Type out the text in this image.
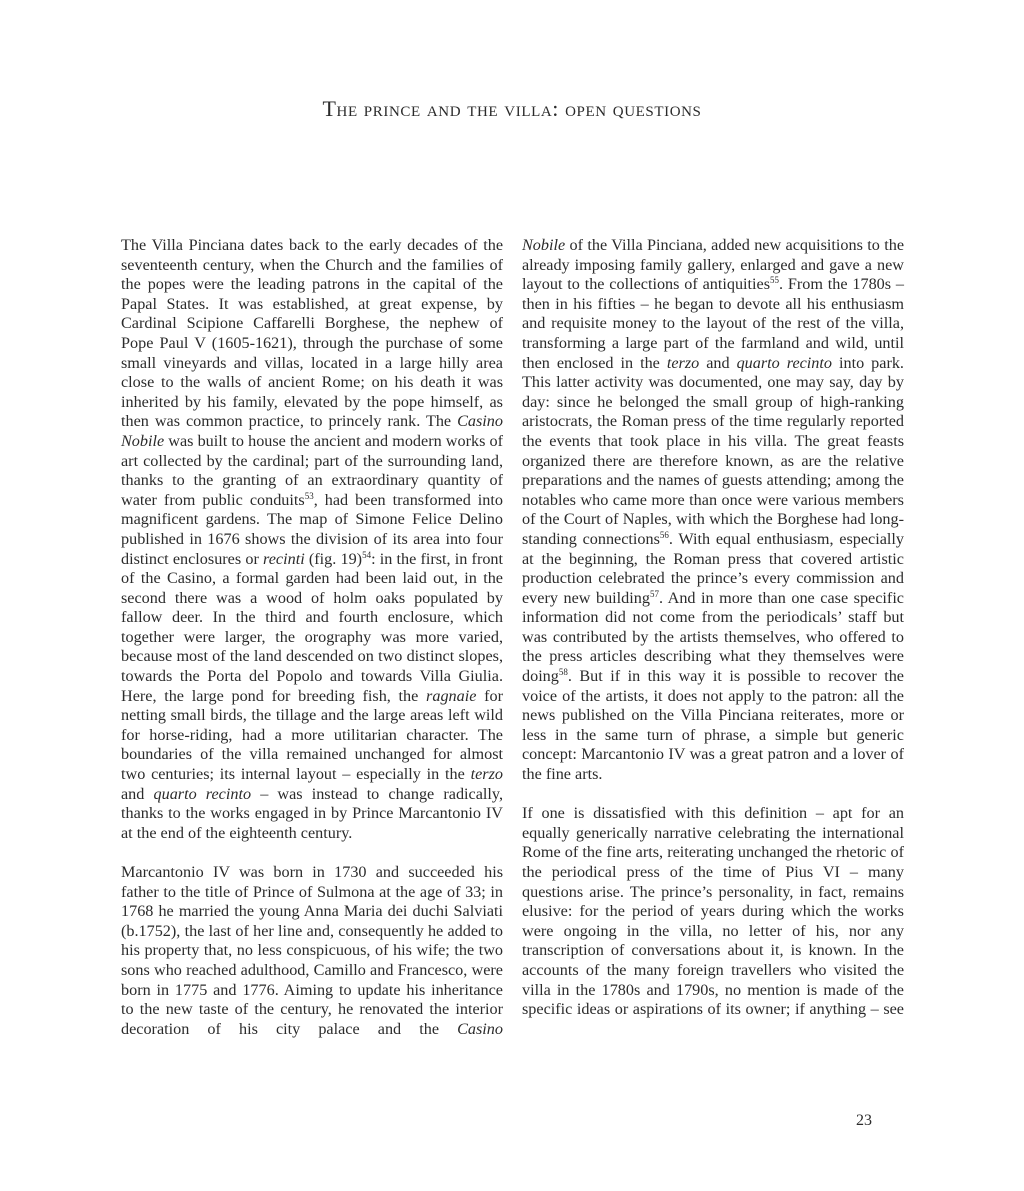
The prince and the villa: open questions

The Villa Pinciana dates back to the early decades of the seventeenth century, when the Church and the families of the popes were the leading patrons in the capital of the Papal States. It was established, at great expense, by Cardinal Scipione Caffarelli Borghese, the nephew of Pope Paul V (1605-1621), through the purchase of some small vineyards and villas, located in a large hilly area close to the walls of ancient Rome; on his death it was inherited by his family, elevated by the pope himself, as then was common practice, to princely rank. The Casino Nobile was built to house the ancient and modern works of art collected by the cardinal; part of the surrounding land, thanks to the granting of an extraordinary quantity of water from public conduits$^{53}$, had been transformed into magnificent gardens. The map of Simone Felice Delino published in 1676 shows the division of its area into four distinct enclosures or recinti (fig. 19)$^{54}$: in the first, in front of the Casino, a formal garden had been laid out, in the second there was a wood of holm oaks populated by fallow deer. In the third and fourth enclosure, which together were larger, the orography was more varied, because most of the land descended on two distinct slopes, towards the Porta del Popolo and towards Villa Giulia. Here, the large pond for breeding fish, the ragnaie for netting small birds, the tillage and the large areas left wild for horse-riding, had a more utilitarian character. The boundaries of the villa remained unchanged for almost two centuries; its internal layout – especially in the terzo and quarto recinto – was instead to change radically, thanks to the works engaged in by Prince Marcantonio IV at the end of the eighteenth century.

Marcantonio IV was born in 1730 and succeeded his father to the title of Prince of Sulmona at the age of 33; in 1768 he married the young Anna Maria dei duchi Salviati (b.1752), the last of her line and, consequently he added to his property that, no less conspicuous, of his wife; the two sons who reached adulthood, Camillo and Francesco, were born in 1775 and 1776. Aiming to update his inheritance to the new taste of the century, he renovated the interior decoration of his city palace and the Casino

Nobile of the Villa Pinciana, added new acquisitions to the already imposing family gallery, enlarged and gave a new layout to the collections of antiquities$^{55}$. From the 1780s – then in his fifties – he began to devote all his enthusiasm and requisite money to the layout of the rest of the villa, transforming a large part of the farmland and wild, until then enclosed in the terzo and quarto recinto into park. This latter activity was documented, one may say, day by day: since he belonged the small group of high-ranking aristocrats, the Roman press of the time regularly reported the events that took place in his villa. The great feasts organized there are therefore known, as are the relative preparations and the names of guests attending; among the notables who came more than once were various members of the Court of Naples, with which the Borghese had long-standing connections$^{56}$. With equal enthusiasm, especially at the beginning, the Roman press that covered artistic production celebrated the prince’s every commission and every new building$^{57}$. And in more than one case specific information did not come from the periodicals’ staff but was contributed by the artists themselves, who offered to the press articles describing what they themselves were doing$^{58}$. But if in this way it is possible to recover the voice of the artists, it does not apply to the patron: all the news published on the Villa Pinciana reiterates, more or less in the same turn of phrase, a simple but generic concept: Marcantonio IV was a great patron and a lover of the fine arts.

If one is dissatisfied with this definition – apt for an equally generically narrative celebrating the international Rome of the fine arts, reiterating unchanged the rhetoric of the periodical press of the time of Pius VI – many questions arise. The prince’s personality, in fact, remains elusive: for the period of years during which the works were ongoing in the villa, no letter of his, nor any transcription of conversations about it, is known. In the accounts of the many foreign travellers who visited the villa in the 1780s and 1790s, no mention is made of the specific ideas or aspirations of its owner; if anything – see

23
